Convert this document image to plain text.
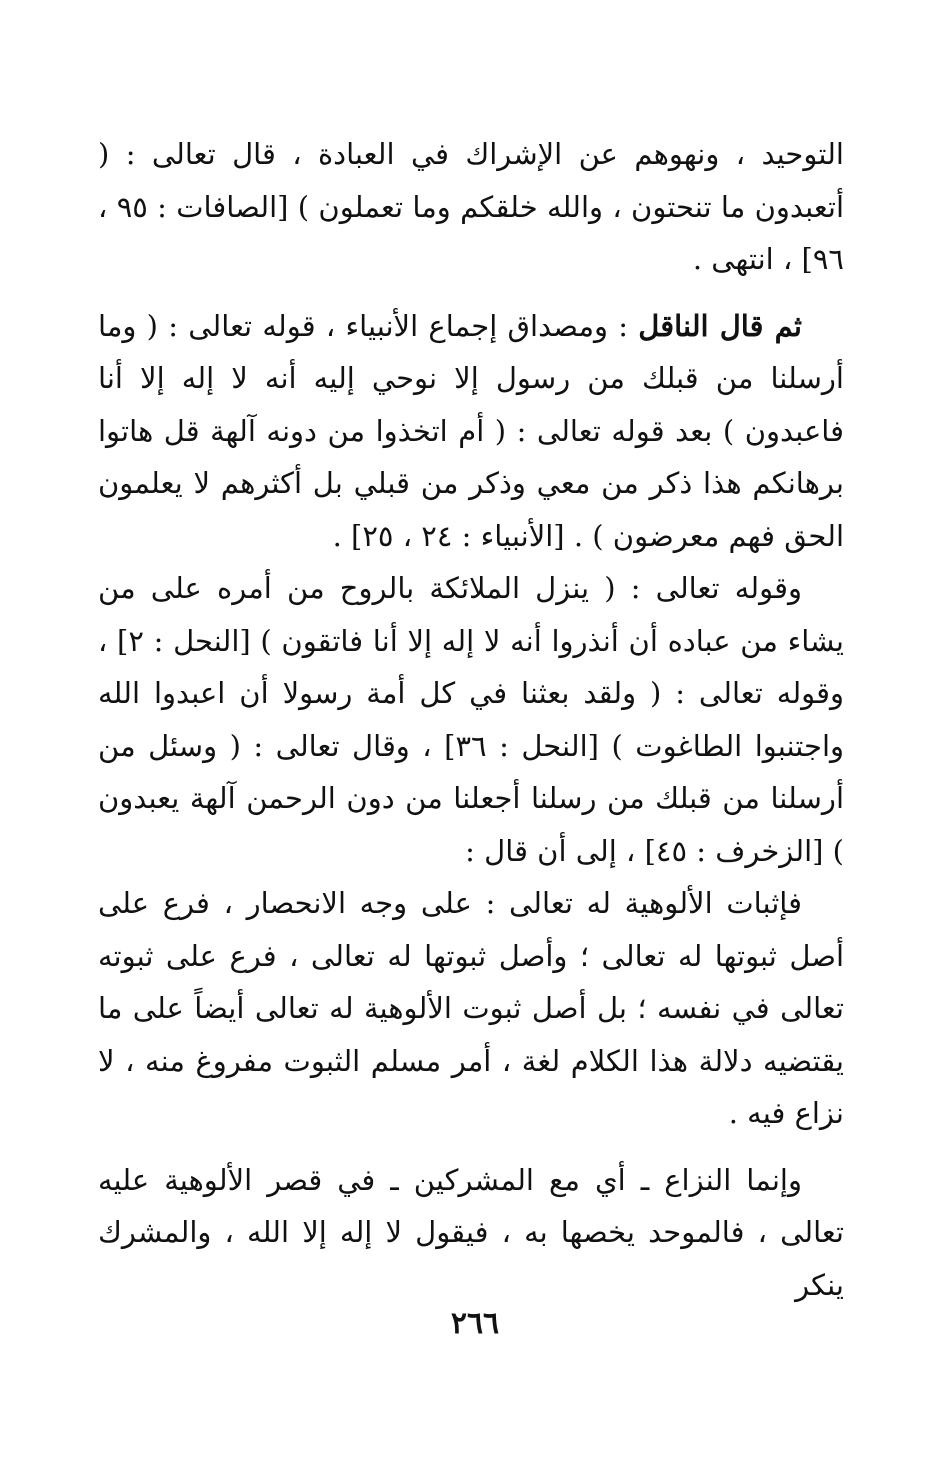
التوحيد ، ونهوهم عن الإشراك في العبادة ، قال تعالى : ( أتعبدون ما تنحتون ، والله خلقكم وما تعملون ) [الصافات : ٩٥ ، ٩٦] ، انتهى .

ثم قال الناقل : ومصداق إجماع الأنبياء ، قوله تعالى : ( وما أرسلنا من قبلك من رسول إلا نوحي إليه أنه لا إله إلا أنا فاعبدون ) بعد قوله تعالى : ( أم اتخذوا من دونه آلهة قل هاتوا برهانكم هذا ذكر من معي وذكر من قبلي بل أكثرهم لا يعلمون الحق فهم معرضون ) . [الأنبياء : ٢٤ ، ٢٥] .

وقوله تعالى : ( ينزل الملائكة بالروح من أمره على من يشاء من عباده أن أنذروا أنه لا إله إلا أنا فاتقون ) [النحل : ٢] ، وقوله تعالى : ( ولقد بعثنا في كل أمة رسولا أن اعبدوا الله واجتنبوا الطاغوت ) [النحل : ٣٦] ، وقال تعالى : ( وسئل من أرسلنا من قبلك من رسلنا أجعلنا من دون الرحمن آلهة يعبدون ) [الزخرف : ٤٥] ، إلى أن قال :

فإثبات الألوهية له تعالى : على وجه الانحصار ، فرع على أصل ثبوتها له تعالى ؛ وأصل ثبوتها له تعالى ، فرع على ثبوته تعالى في نفسه ؛ بل أصل ثبوت الألوهية له تعالى أيضاً على ما يقتضيه دلالة هذا الكلام لغة ، أمر مسلم الثبوت مفروغ منه ، لا نزاع فيه .

وإنما النزاع ـ أي مع المشركين ـ في قصر الألوهية عليه تعالى ، فالموحد يخصها به ، فيقول لا إله إلا الله ، والمشرك ينكر

٢٦٦
